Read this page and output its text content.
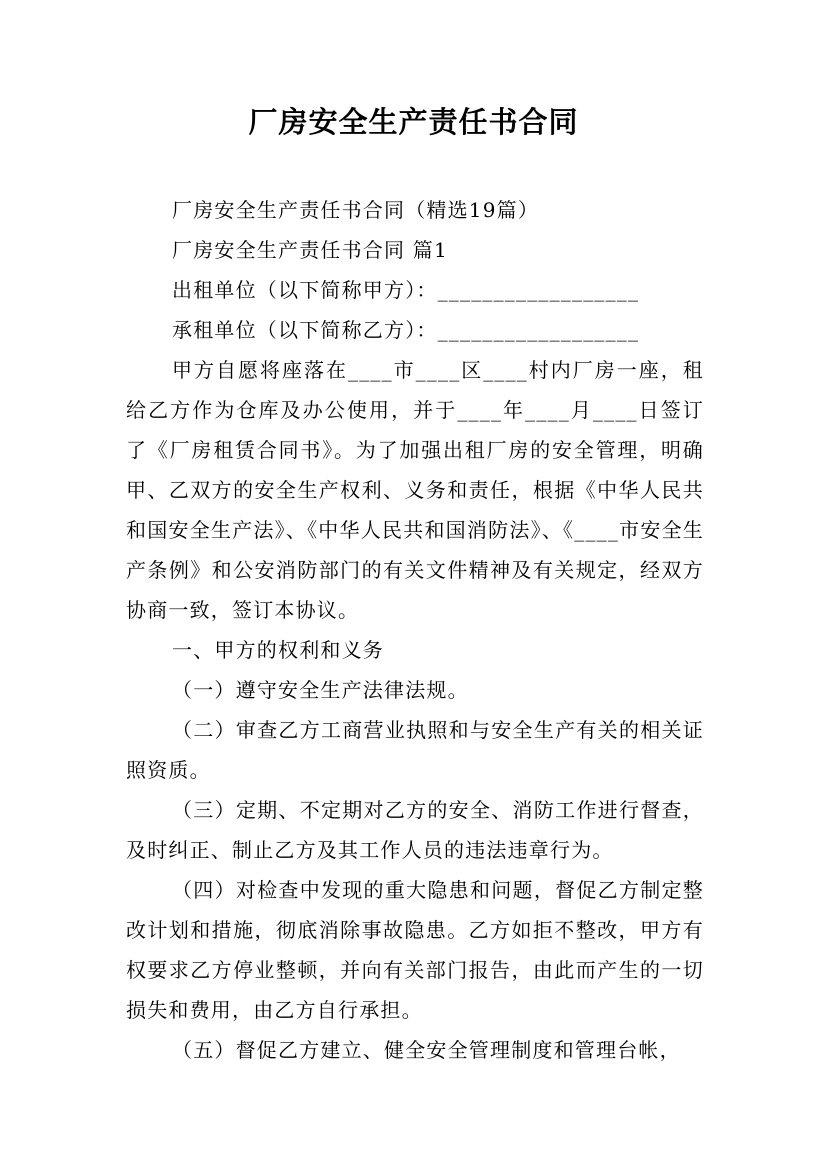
厂房安全生产责任书合同

厂房安全生产责任书合同（精选19篇）

厂房安全生产责任书合同 篇1

出租单位（以下简称甲方）：__________________

承租单位（以下简称乙方）：__________________

甲方自愿将座落在____市____区____村内厂房一座，租给乙方作为仓库及办公使用，并于____年____月____日签订了《厂房租赁合同书》。为了加强出租厂房的安全管理，明确甲、乙双方的安全生产权利、义务和责任，根据《中华人民共和国安全生产法》、《中华人民共和国消防法》、《____市安全生产条例》和公安消防部门的有关文件精神及有关规定，经双方协商一致，签订本协议。

一、甲方的权利和义务

（一）遵守安全生产法律法规。

（二）审查乙方工商营业执照和与安全生产有关的相关证照资质。

（三）定期、不定期对乙方的安全、消防工作进行督查，及时纠正、制止乙方及其工作人员的违法违章行为。

（四）对检查中发现的重大隐患和问题，督促乙方制定整改计划和措施，彻底消除事故隐患。乙方如拒不整改，甲方有权要求乙方停业整顿，并向有关部门报告，由此而产生的一切损失和费用，由乙方自行承担。

（五）督促乙方建立、健全安全管理制度和管理台帐，
